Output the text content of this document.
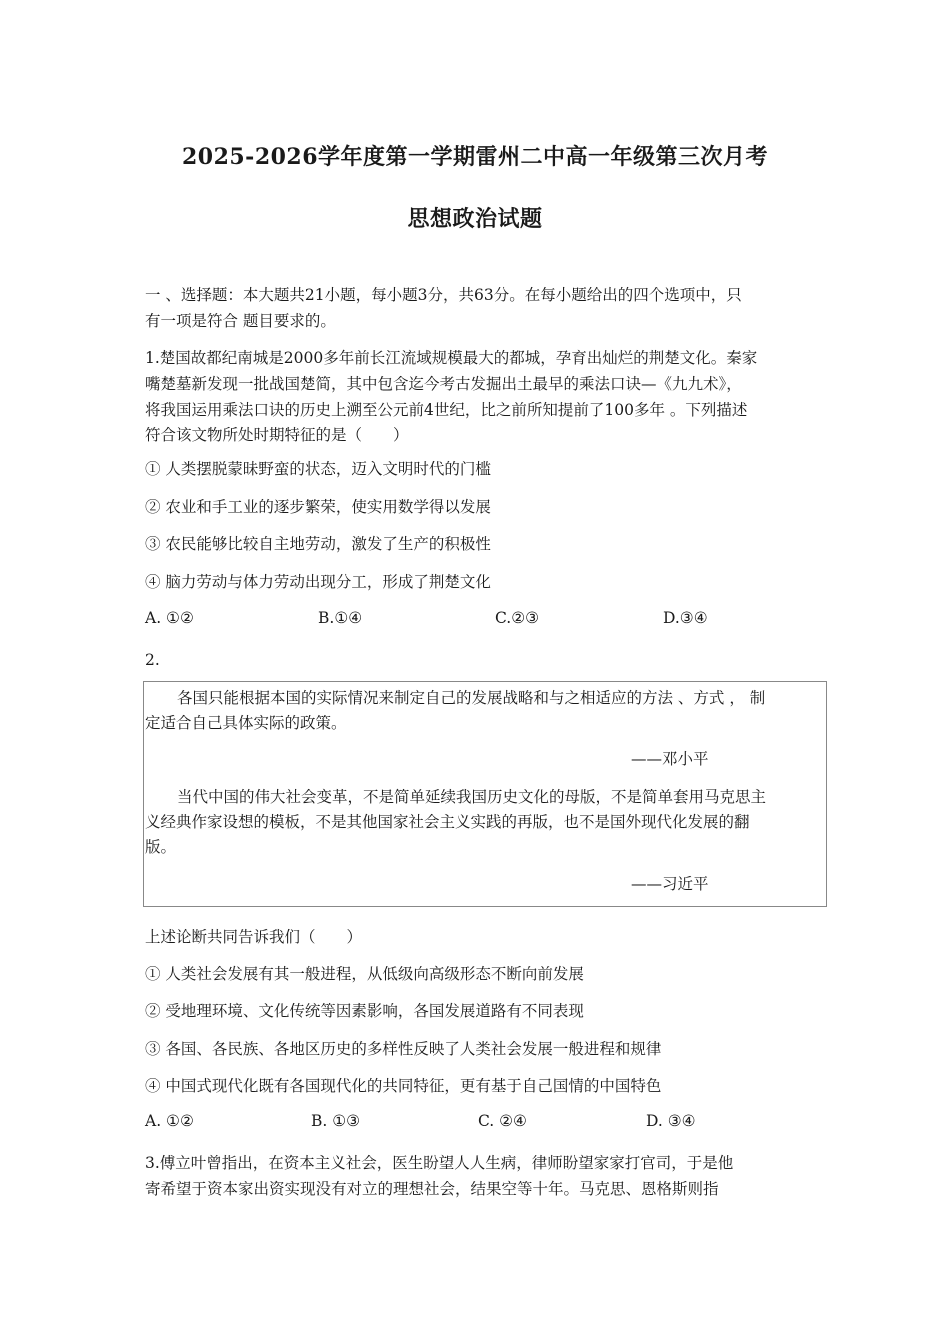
2025-2026学年度第一学期雷州二中高一年级第三次月考
思想政治试题
一 、选择题：本大题共21小题，每小题3分，共63分。在每小题给出的四个选项中，只
有一项是符合 题目要求的。
1.楚国故都纪南城是2000多年前长江流域规模最大的都城，孕育出灿烂的荆楚文化。秦家
嘴楚墓新发现一批战国楚简，其中包含迄今考古发掘出土最早的乘法口诀—《九九术》，
将我国运用乘法口诀的历史上溯至公元前4世纪，比之前所知提前了100多年 。下列描述
符合该文物所处时期特征的是（　　）
① 人类摆脱蒙昧野蛮的状态，迈入文明时代的门槛
② 农业和手工业的逐步繁荣，使实用数学得以发展
③ 农民能够比较自主地劳动，激发了生产的积极性
④ 脑力劳动与体力劳动出现分工，形成了荆楚文化
A. ①②	B.①④	C.②③	D.③④
2.
各国只能根据本国的实际情况来制定自己的发展战略和与之相适应的方法 、方式 ， 制
定适合自己具体实际的政策。
——邓小平
当代中国的伟大社会变革，不是简单延续我国历史文化的母版，不是简单套用马克思主
义经典作家设想的模板，不是其他国家社会主义实践的再版，也不是国外现代化发展的翻
版。
——习近平
上述论断共同告诉我们（　　）
① 人类社会发展有其一般进程，从低级向高级形态不断向前发展
② 受地理环境、文化传统等因素影响，各国发展道路有不同表现
③ 各国、各民族、各地区历史的多样性反映了人类社会发展一般进程和规律
④ 中国式现代化既有各国现代化的共同特征，更有基于自己国情的中国特色
A. ①②	B. ①③	C. ②④	D. ③④
3.傅立叶曾指出，在资本主义社会，医生盼望人人生病，律师盼望家家打官司，于是他
寄希望于资本家出资实现没有对立的理想社会，结果空等十年。马克思、恩格斯则指
